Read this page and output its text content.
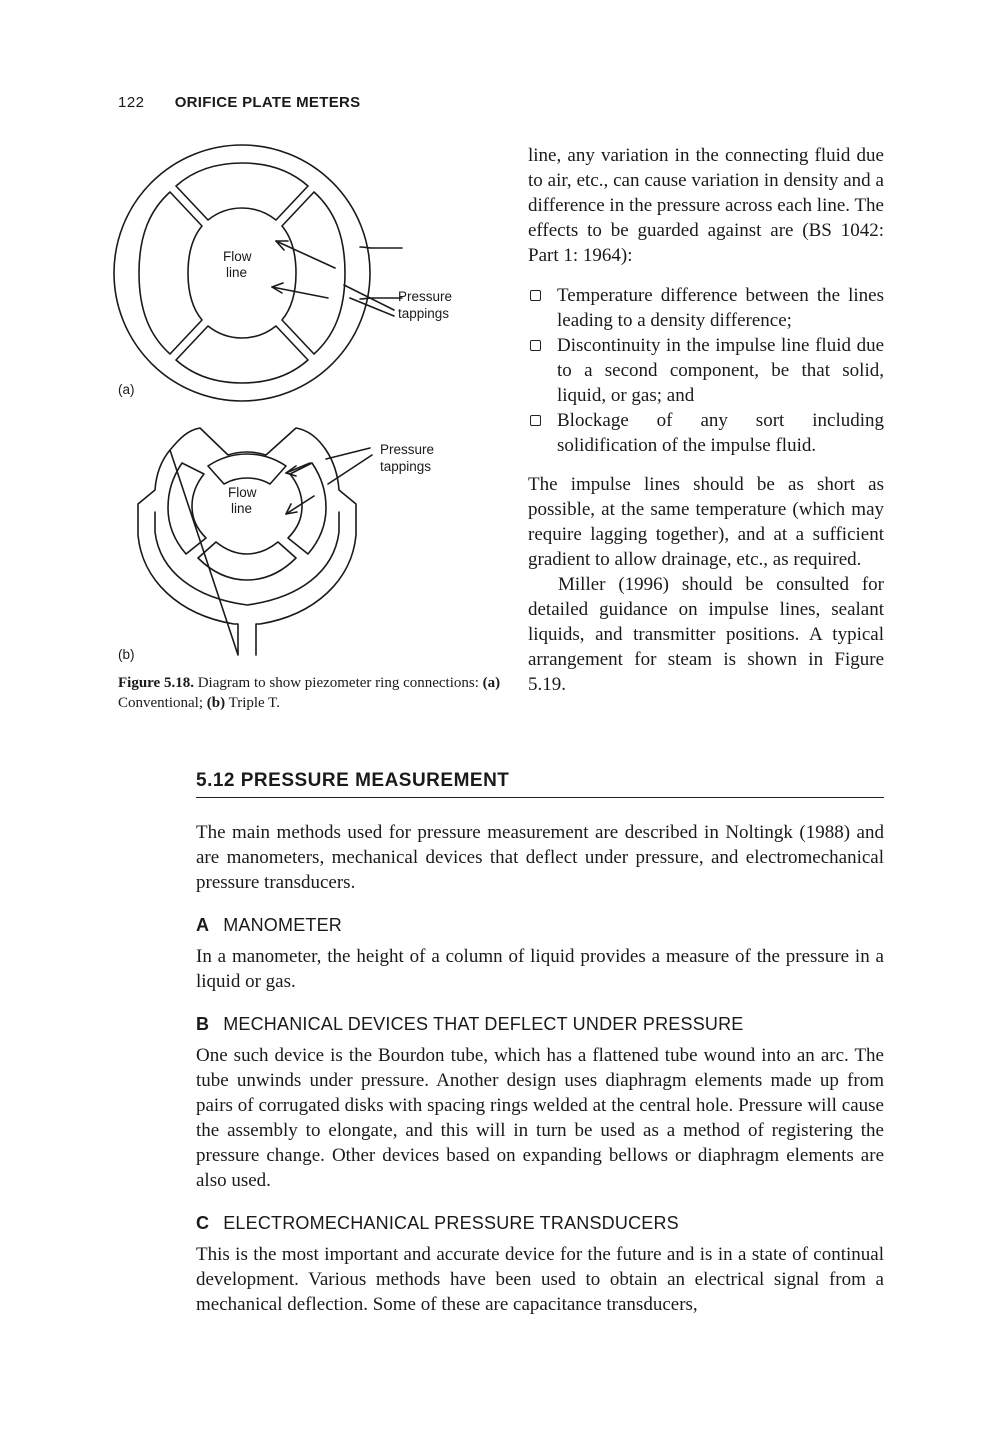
122 ORIFICE PLATE METERS
Flow
line
Pressure
tappings
(a)
Flow
line
Pressure
tappings
(b)
Figure 5.18. Diagram to show piezometer ring connections: (a) Conventional; (b) Triple T.

line, any variation in the connecting fluid due to air, etc., can cause variation in density and a difference in the pressure across each line. The effects to be guarded against are (BS 1042: Part 1: 1964):

Temperature difference between the lines leading to a density difference;
Discontinuity in the impulse line fluid due to a second component, be that solid, liquid, or gas; and
Blockage of any sort including solidification of the impulse fluid.

The impulse lines should be as short as possible, at the same temperature (which may require lagging together), and at a sufficient gradient to allow drainage, etc., as required.

Miller (1996) should be consulted for detailed guidance on impulse lines, sealant liquids, and transmitter positions. A typical arrangement for steam is shown in Figure 5.19.

5.12 PRESSURE MEASUREMENT

The main methods used for pressure measurement are described in Noltingk (1988) and are manometers, mechanical devices that deflect under pressure, and electromechanical pressure transducers.

A MANOMETER

In a manometer, the height of a column of liquid provides a measure of the pressure in a liquid or gas.

B MECHANICAL DEVICES THAT DEFLECT UNDER PRESSURE

One such device is the Bourdon tube, which has a flattened tube wound into an arc. The tube unwinds under pressure. Another design uses diaphragm elements made up from pairs of corrugated disks with spacing rings welded at the central hole. Pressure will cause the assembly to elongate, and this will in turn be used as a method of registering the pressure change. Other devices based on expanding bellows or diaphragm elements are also used.

C ELECTROMECHANICAL PRESSURE TRANSDUCERS

This is the most important and accurate device for the future and is in a state of continual development. Various methods have been used to obtain an electrical signal from a mechanical deflection. Some of these are capacitance transducers,
